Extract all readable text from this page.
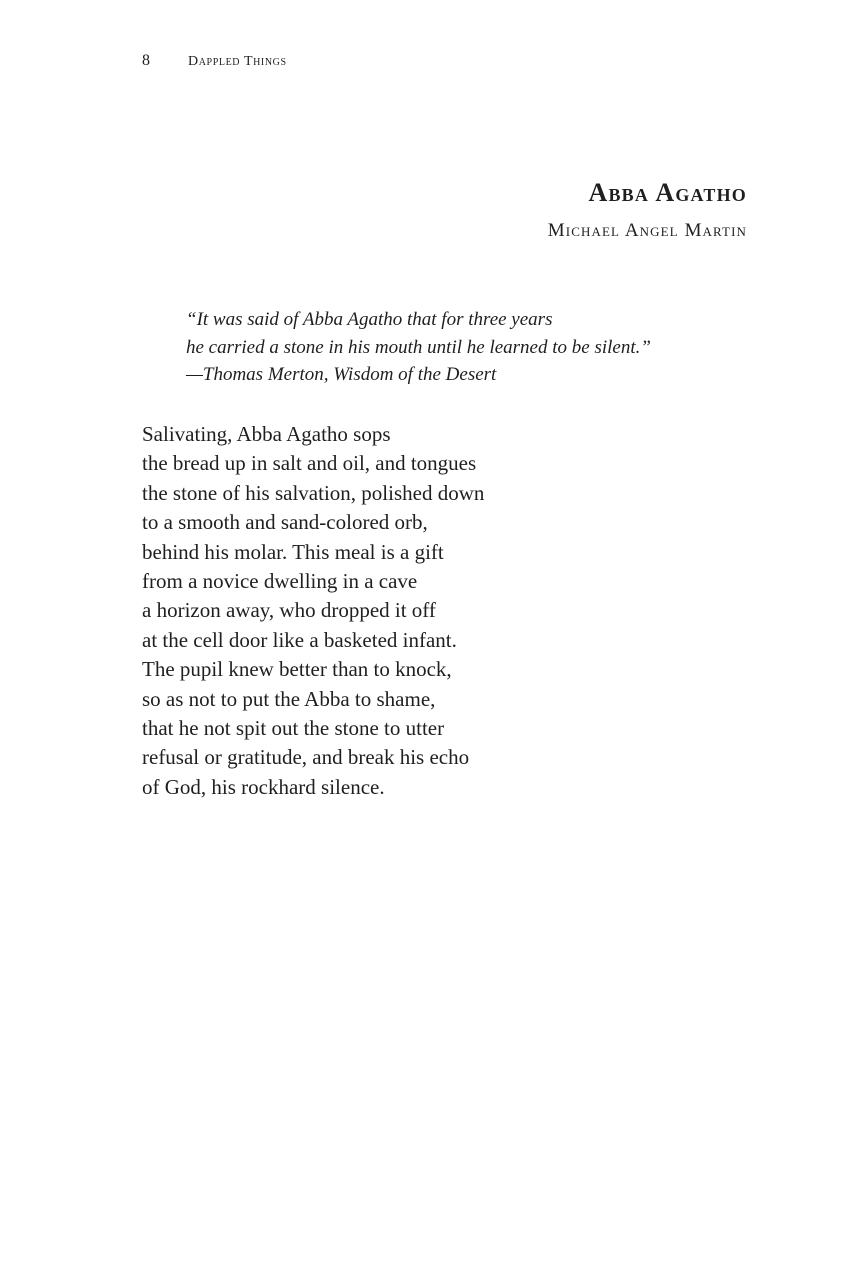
8	Dappled Things
Abba Agatho

Michael Angel Martin

“It was said of Abba Agatho that for three years
he carried a stone in his mouth until he learned to be silent.”
—Thomas Merton, Wisdom of the Desert
Salivating, Abba Agatho sops
the bread up in salt and oil, and tongues
the stone of his salvation, polished down
to a smooth and sand-colored orb,
behind his molar. This meal is a gift
from a novice dwelling in a cave
a horizon away, who dropped it off
at the cell door like a basketed infant.
The pupil knew better than to knock,
so as not to put the Abba to shame,
that he not spit out the stone to utter
refusal or gratitude, and break his echo
of God, his rockhard silence.
